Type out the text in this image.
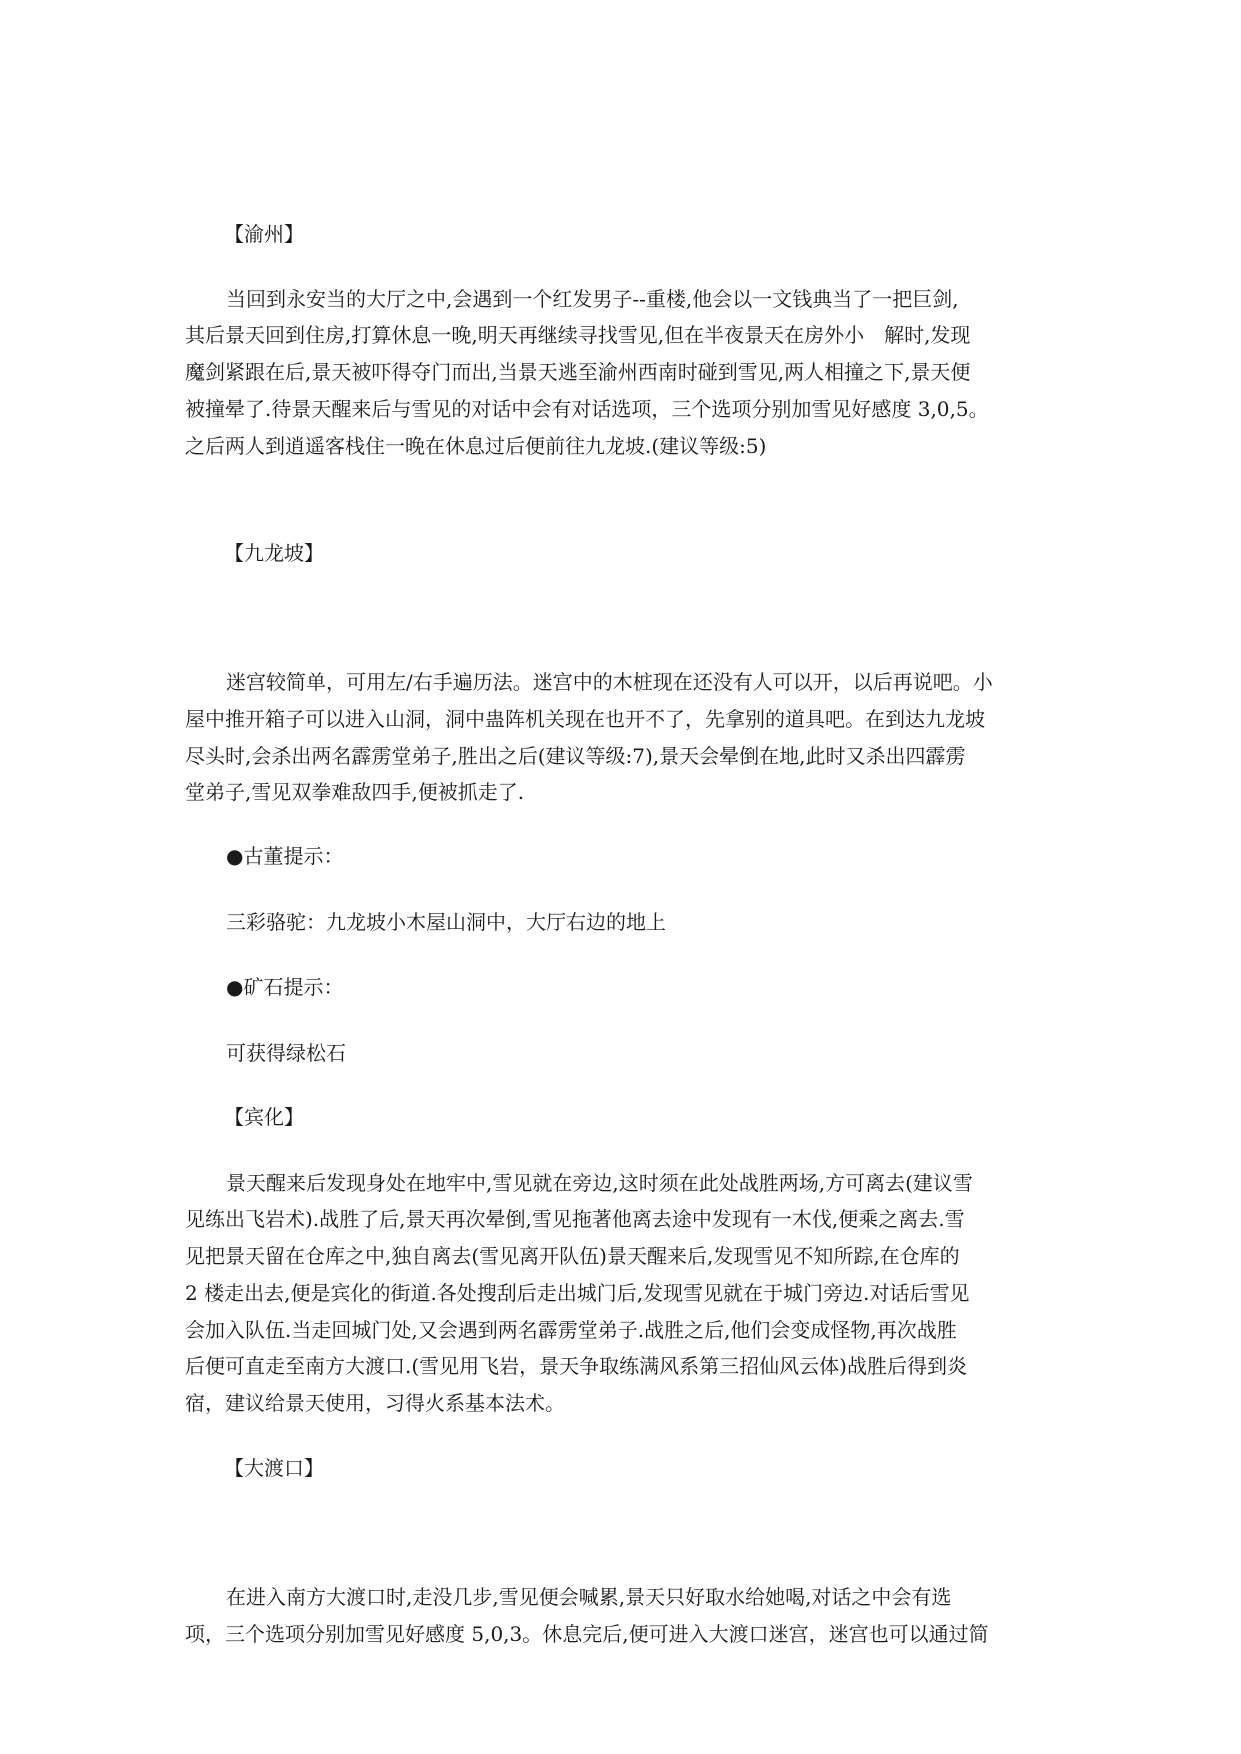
【渝州】
当回到永安当的大厅之中,会遇到一个红发男子--重楼,他会以一文钱典当了一把巨剑,
其后景天回到住房,打算休息一晚,明天再继续寻找雪见,但在半夜景天在房外小　解时,发现
魔剑紧跟在后,景天被吓得夺门而出,当景天逃至渝州西南时碰到雪见,两人相撞之下,景天便
被撞晕了.待景天醒来后与雪见的对话中会有对话选项，三个选项分别加雪见好感度 3,0,5。
之后两人到逍遥客栈住一晚在休息过后便前往九龙坡.(建议等级:5)
【九龙坡】
迷宫较简单，可用左/右手遍历法。迷宫中的木桩现在还没有人可以开，以后再说吧。小
屋中推开箱子可以进入山洞，洞中蛊阵机关现在也开不了，先拿别的道具吧。在到达九龙坡
尽头时,会杀出两名霹雳堂弟子,胜出之后(建议等级:7),景天会晕倒在地,此时又杀出四霹雳
堂弟子,雪见双拳难敌四手,便被抓走了.
●古董提示：
三彩骆驼：九龙坡小木屋山洞中，大厅右边的地上
●矿石提示：
可获得绿松石
【宾化】
景天醒来后发现身处在地牢中,雪见就在旁边,这时须在此处战胜两场,方可离去(建议雪
见练出飞岩术).战胜了后,景天再次晕倒,雪见拖著他离去途中发现有一木伐,便乘之离去.雪
见把景天留在仓库之中,独自离去(雪见离开队伍)景天醒来后,发现雪见不知所踪,在仓库的
2 楼走出去,便是宾化的街道.各处搜刮后走出城门后,发现雪见就在于城门旁边.对话后雪见
会加入队伍.当走回城门处,又会遇到两名霹雳堂弟子.战胜之后,他们会变成怪物,再次战胜
后便可直走至南方大渡口.(雪见用飞岩，景天争取练满风系第三招仙风云体)战胜后得到炎
宿，建议给景天使用，习得火系基本法术。
【大渡口】
在进入南方大渡口时,走没几步,雪见便会喊累,景天只好取水给她喝,对话之中会有选
项，三个选项分别加雪见好感度 5,0,3。休息完后,便可进入大渡口迷宫，迷宫也可以通过简
